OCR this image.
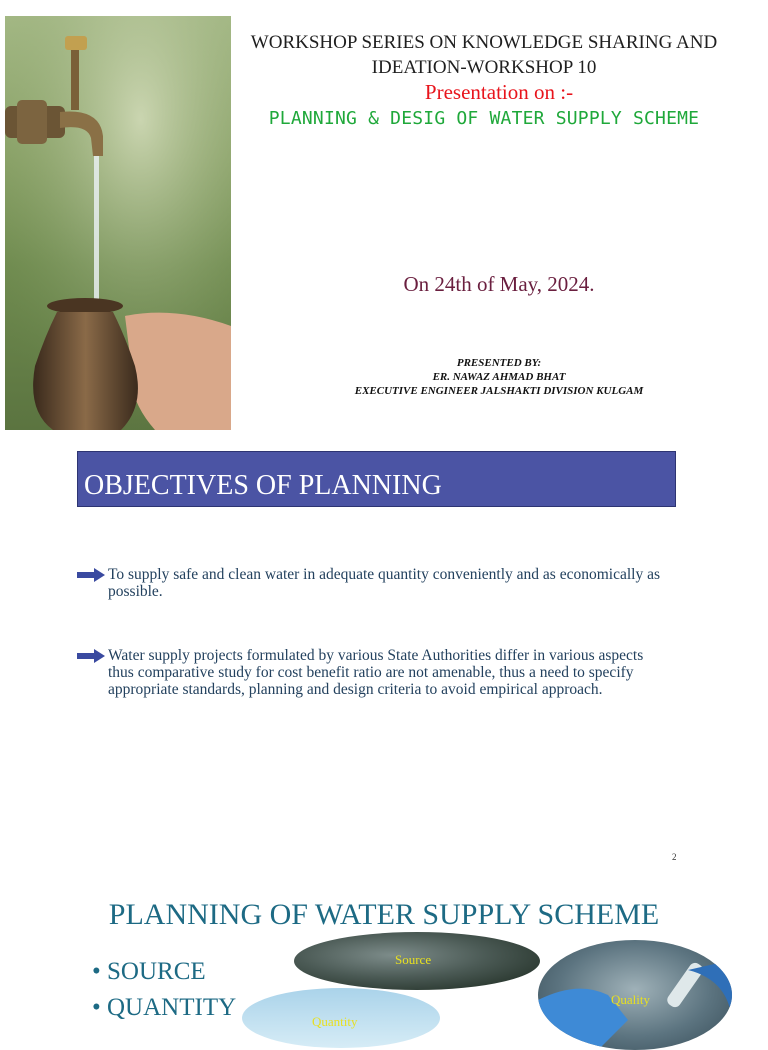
WORKSHOP SERIES ON KNOWLEDGE SHARING AND IDEATION-WORKSHOP 10
Presentation on :-
PLANNING & DESIG OF WATER SUPPLY SCHEME
On 24th of May, 2024.
PRESENTED BY:
ER. NAWAZ AHMAD BHAT
EXECUTIVE ENGINEER JALSHAKTI DIVISION KULGAM
OBJECTIVES OF PLANNING
To supply safe and clean water in adequate quantity conveniently and as economically as possible.
Water supply projects formulated by various State Authorities differ in various aspects thus comparative study for cost benefit ratio are not amenable, thus a need to specify appropriate standards, planning and design criteria to avoid empirical approach.
2
PLANNING OF WATER SUPPLY SCHEME
• SOURCE
• QUANTITY
Source
Quantity
Quality
